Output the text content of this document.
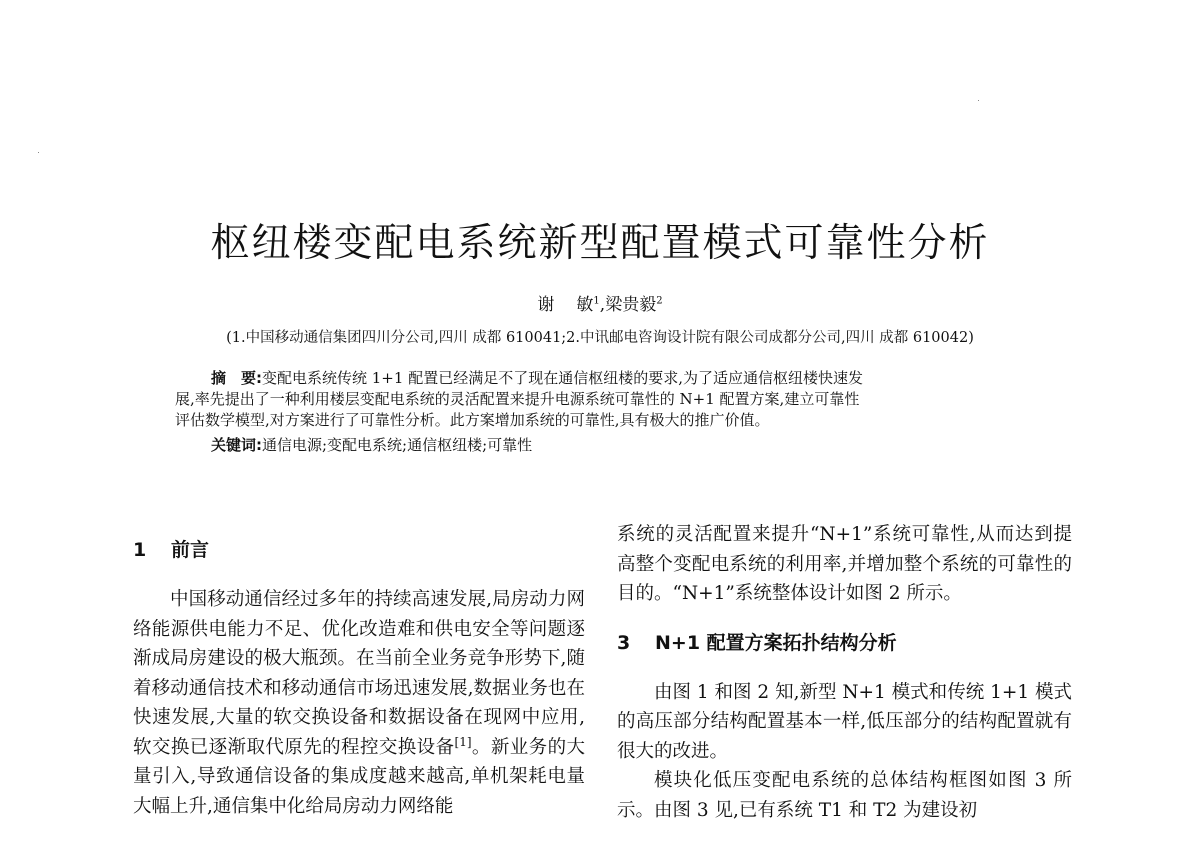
枢纽楼变配电系统新型配置模式可靠性分析
谢 敏$^1$,梁贵毅$^2$
(1.中国移动通信集团四川分公司,四川 成都 610041;2.中讯邮电咨询设计院有限公司成都分公司,四川 成都 610042)
摘　要:变配电系统传统 1+1 配置已经满足不了现在通信枢纽楼的要求,为了适应通信枢纽楼快速发
展,率先提出了一种利用楼层变配电系统的灵活配置来提升电源系统可靠性的 N+1 配置方案,建立可靠性
评估数学模型,对方案进行了可靠性分析。此方案增加系统的可靠性,具有极大的推广价值。
关键词:通信电源;变配电系统;通信枢纽楼;可靠性
1 前言

中国移动通信经过多年的持续高速发展,局房动力网络能源供电能力不足、优化改造难和供电安全等问题逐渐成局房建设的极大瓶颈。在当前全业务竞争形势下,随着移动通信技术和移动通信市场迅速发展,数据业务也在快速发展,大量的软交换设备和数据设备在现网中应用,软交换已逐渐取代原先的程控交换设备[1]。新业务的大量引入,导致通信设备的集成度越来越高,单机架耗电量大幅上升,通信集中化给局房动力网络能

系统的灵活配置来提升“N+1”系统可靠性,从而达到提高整个变配电系统的利用率,并增加整个系统的可靠性的目的。“N+1”系统整体设计如图 2 所示。

3 N+1 配置方案拓扑结构分析

由图 1 和图 2 知,新型 N+1 模式和传统 1+1 模式的高压部分结构配置基本一样,低压部分的结构配置就有很大的改进。

模块化低压变配电系统的总体结构框图如图 3 所示。由图 3 见,已有系统 T1 和 T2 为建设初
